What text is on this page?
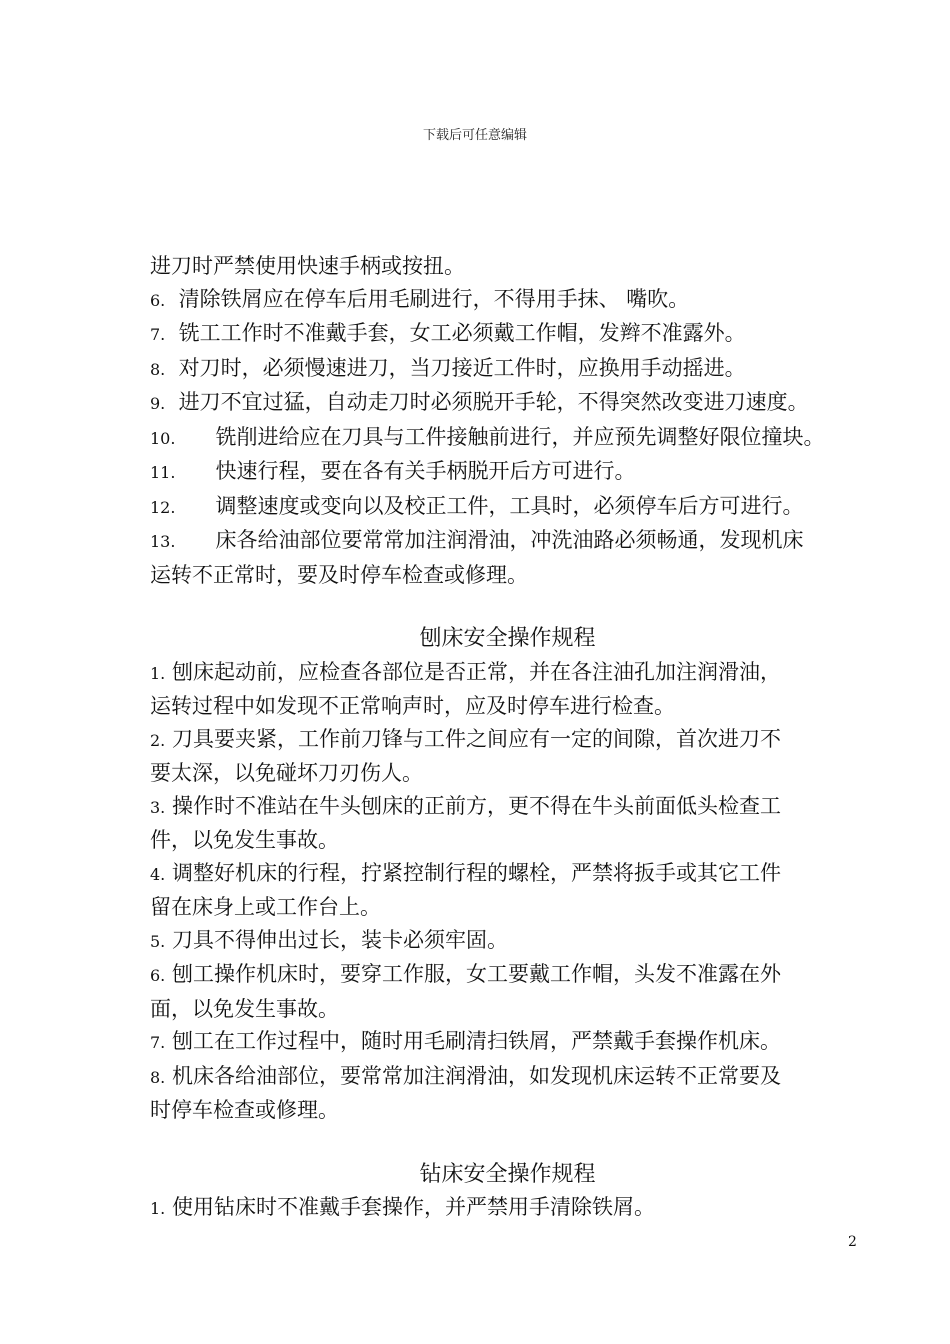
下载后可任意编辑

进刀时严禁使用快速手柄或按扭。

6. 清除铁屑应在停车后用毛刷进行，不得用手抹、 嘴吹。

7. 铣工工作时不准戴手套，女工必须戴工作帽，发辫不准露外。

8. 对刀时，必须慢速进刀，当刀接近工件时，应换用手动摇进。

9. 进刀不宜过猛，自动走刀时必须脱开手轮，不得突然改变进刀速度。

10. 铣削进给应在刀具与工件接触前进行，并应预先调整好限位撞块。

11. 快速行程，要在各有关手柄脱开后方可进行。

12. 调整速度或变向以及校正工件，工具时，必须停车后方可进行。

13. 床各给油部位要常常加注润滑油，冲洗油路必须畅通，发现机床

运转不正常时，要及时停车检查或修理。

刨床安全操作规程

1. 刨床起动前，应检查各部位是否正常，并在各注油孔加注润滑油，

运转过程中如发现不正常响声时，应及时停车进行检查。

2. 刀具要夹紧，工作前刀锋与工件之间应有一定的间隙，首次进刀不

要太深，以免碰坏刀刃伤人。

3. 操作时不准站在牛头刨床的正前方，更不得在牛头前面低头检查工

件，以免发生事故。

4. 调整好机床的行程，拧紧控制行程的螺栓，严禁将扳手或其它工件

留在床身上或工作台上。

5. 刀具不得伸出过长，装卡必须牢固。

6. 刨工操作机床时，要穿工作服，女工要戴工作帽，头发不准露在外

面，以免发生事故。

7. 刨工在工作过程中，随时用毛刷清扫铁屑，严禁戴手套操作机床。

8. 机床各给油部位，要常常加注润滑油，如发现机床运转不正常要及

时停车检查或修理。

钻床安全操作规程

1. 使用钻床时不准戴手套操作，并严禁用手清除铁屑。

2
